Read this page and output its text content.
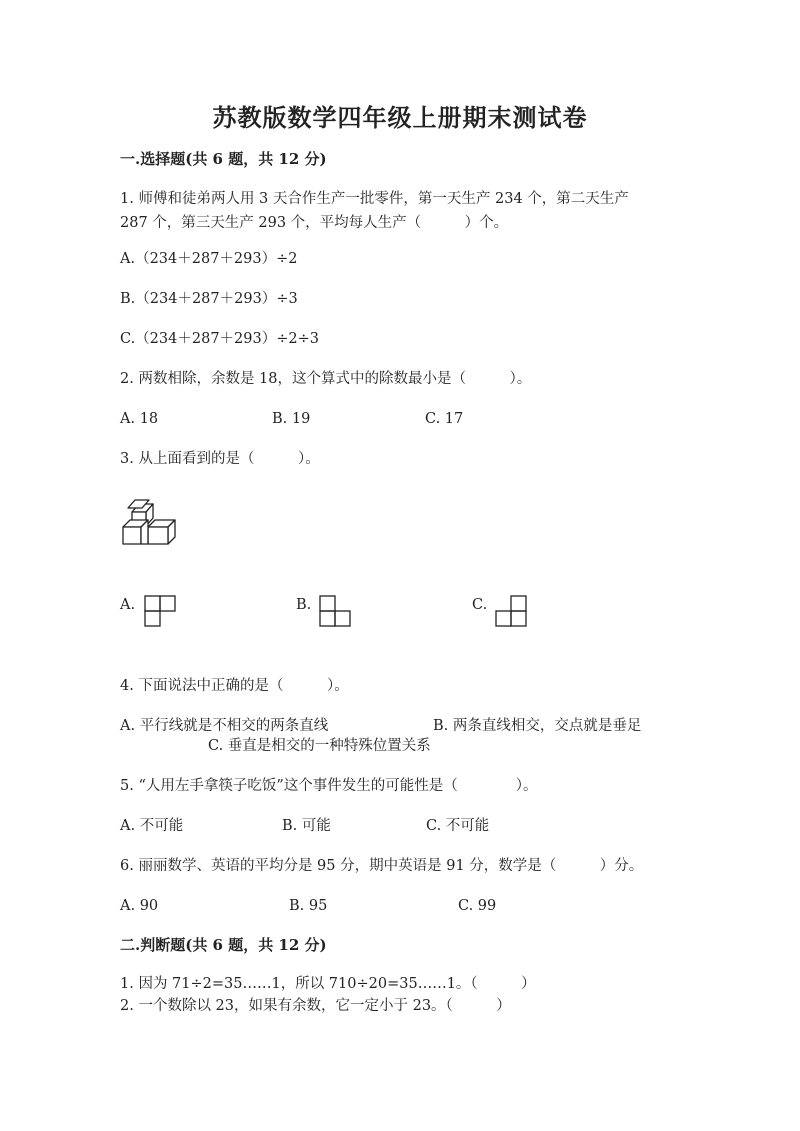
苏教版数学四年级上册期末测试卷
一.选择题(共 6 题，共 12 分)
1. 师傅和徒弟两人用 3 天合作生产一批零件，第一天生产 234 个，第二天生产
287 个，第三天生产 293 个，平均每人生产（　　　）个。
A.（234＋287＋293）÷2
B.（234＋287＋293）÷3
C.（234＋287＋293）÷2÷3
2. 两数相除，余数是 18，这个算式中的除数最小是（　　　）。
A. 18	B. 19	C. 17
3. 从上面看到的是（　　　）。
A.	B.	C.
4. 下面说法中正确的是（　　　）。
A. 平行线就是不相交的两条直线	B. 两条直线相交，交点就是垂足
C. 垂直是相交的一种特殊位置关系
5. “人用左手拿筷子吃饭”这个事件发生的可能性是（　　　　）。
A. 不可能	B. 可能	C. 不可能
6. 丽丽数学、英语的平均分是 95 分，期中英语是 91 分，数学是（　　　）分。
A. 90	B. 95	C. 99
二.判断题(共 6 题，共 12 分)
1. 因为 71÷2=35……1，所以 710÷20=35……1。（　　　）
2. 一个数除以 23，如果有余数，它一定小于 23。（　　　）
